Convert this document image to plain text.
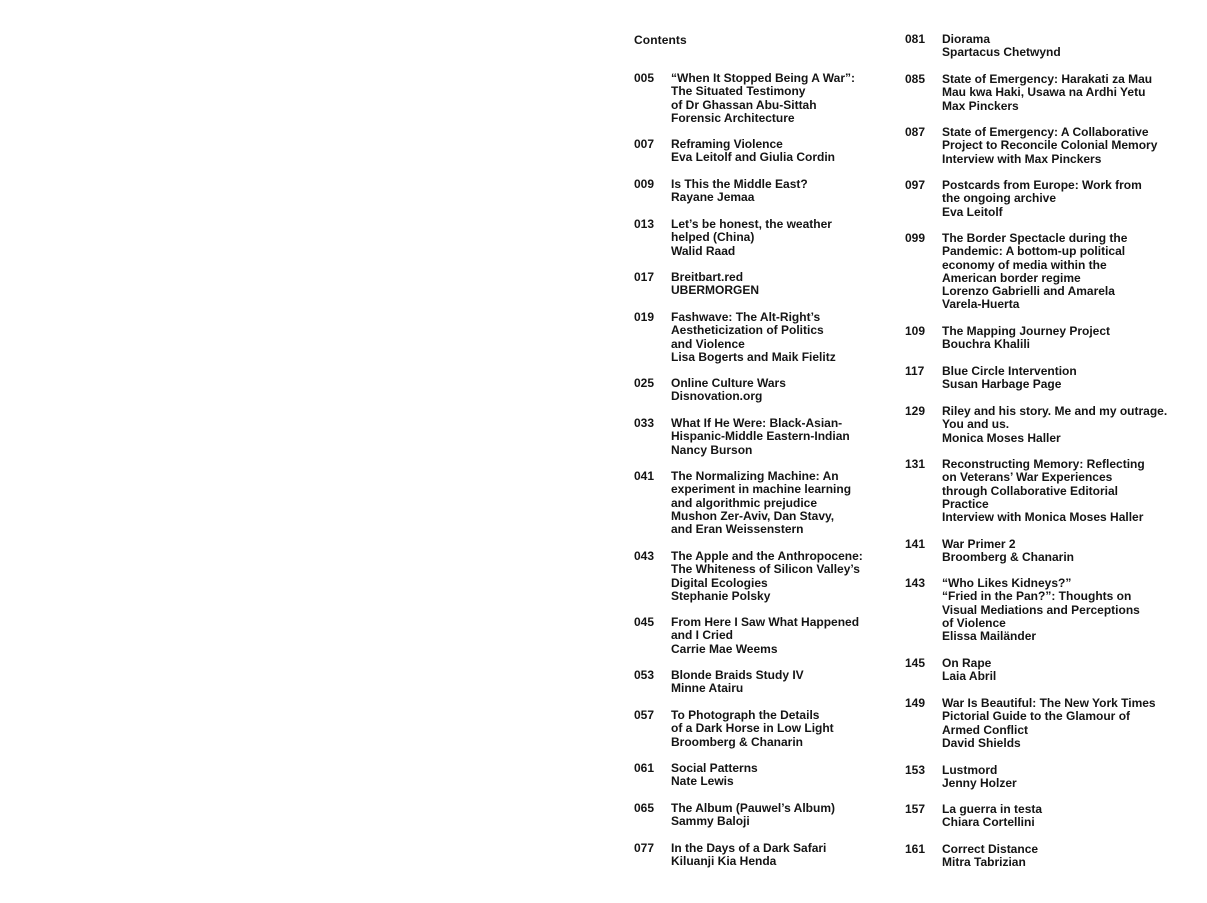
Contents
005	“When It Stopped Being A War”:
The Situated Testimony
of Dr Ghassan Abu-Sittah
Forensic Architecture
007	Reframing Violence
Eva Leitolf and Giulia Cordin
009	Is This the Middle East?
Rayane Jemaa
013	Let’s be honest, the weather
helped (China)
Walid Raad
017	Breitbart.red
UBERMORGEN
019	Fashwave: The Alt-Right’s
Aestheticization of Politics
and Violence
Lisa Bogerts and Maik Fielitz
025	Online Culture Wars
Disnovation.org
033	What If He Were: Black-Asian-
Hispanic-Middle Eastern-Indian
Nancy Burson
041	The Normalizing Machine: An
experiment in machine learning
and algorithmic prejudice
Mushon Zer-Aviv, Dan Stavy,
and Eran Weissenstern
043	The Apple and the Anthropocene:
The Whiteness of Silicon Valley’s
Digital Ecologies
Stephanie Polsky
045	From Here I Saw What Happened
and I Cried
Carrie Mae Weems
053	Blonde Braids Study IV
Minne Atairu
057	To Photograph the Details
of a Dark Horse in Low Light
Broomberg & Chanarin
061	Social Patterns
Nate Lewis
065	The Album (Pauwel’s Album)
Sammy Baloji
077	In the Days of a Dark Safari
Kiluanji Kia Henda
081	Diorama
Spartacus Chetwynd
085	State of Emergency: Harakati za Mau
Mau kwa Haki, Usawa na Ardhi Yetu
Max Pinckers
087	State of Emergency: A Collaborative
Project to Reconcile Colonial Memory
Interview with Max Pinckers
097	Postcards from Europe: Work from
the ongoing archive
Eva Leitolf
099	The Border Spectacle during the
Pandemic: A bottom-up political
economy of media within the
American border regime
Lorenzo Gabrielli and Amarela
Varela-Huerta
109	The Mapping Journey Project
Bouchra Khalili
117	Blue Circle Intervention
Susan Harbage Page
129	Riley and his story. Me and my outrage.
You and us.
Monica Moses Haller
131	Reconstructing Memory: Reflecting
on Veterans’ War Experiences
through Collaborative Editorial
Practice
Interview with Monica Moses Haller
141	War Primer 2
Broomberg & Chanarin
143	“Who Likes Kidneys?”
“Fried in the Pan?”: Thoughts on
Visual Mediations and Perceptions
of Violence
Elissa Mailänder
145	On Rape
Laia Abril
149	War Is Beautiful: The New York Times
Pictorial Guide to the Glamour of
Armed Conflict
David Shields
153	Lustmord
Jenny Holzer
157	La guerra in testa
Chiara Cortellini
161	Correct Distance
Mitra Tabrizian
